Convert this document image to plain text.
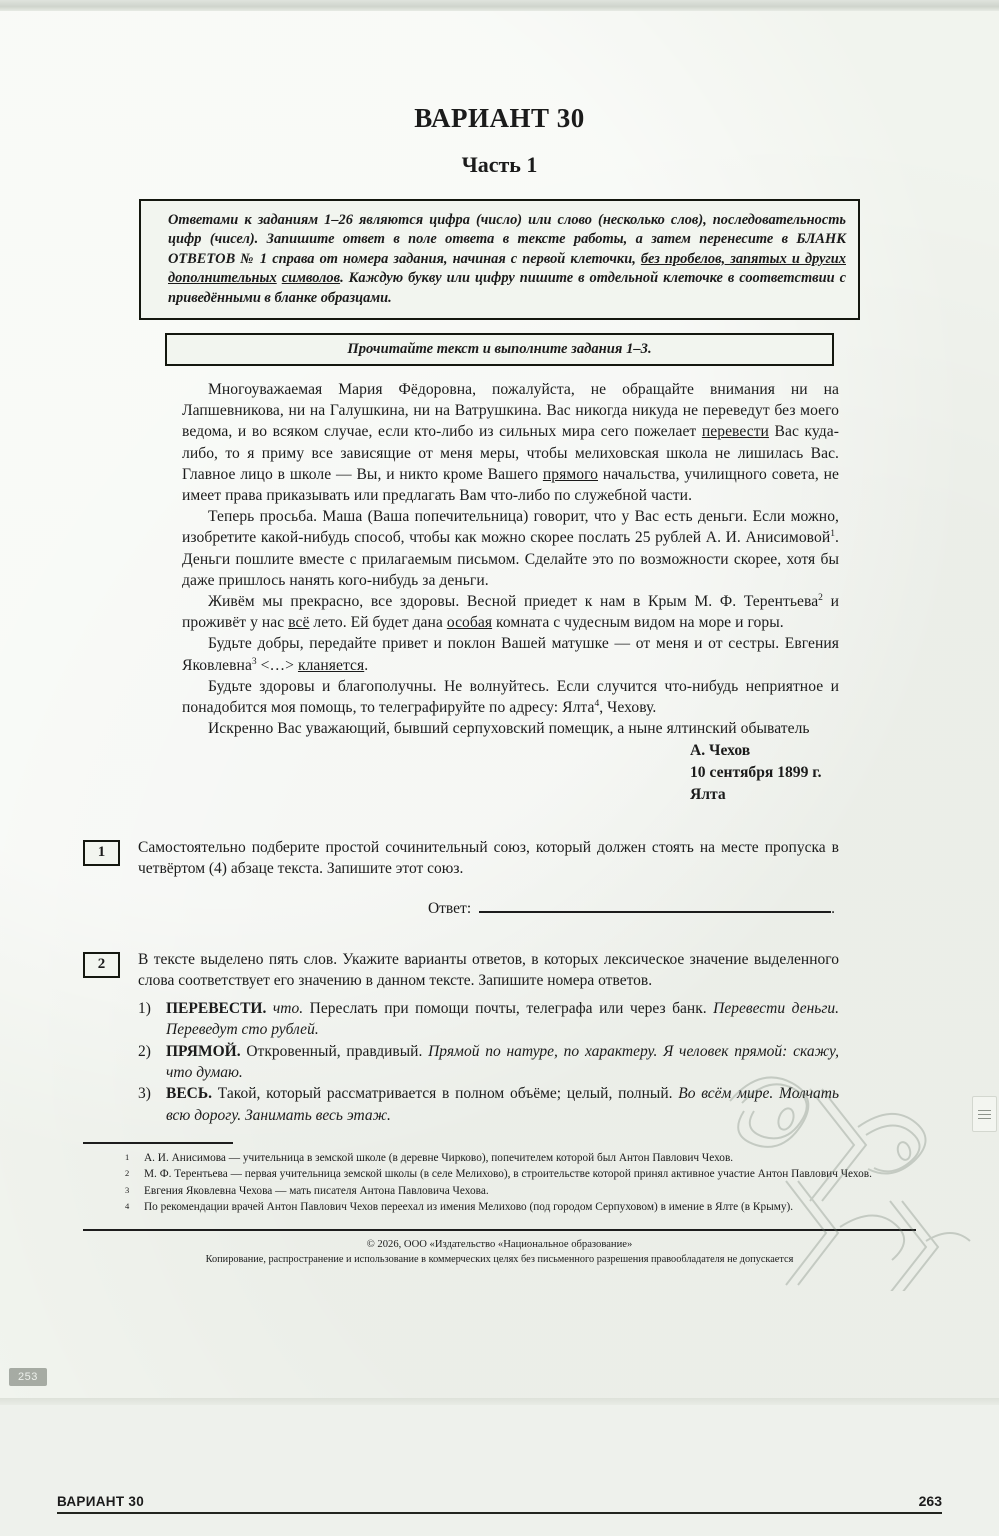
ВАРИАНТ 30
Часть 1

Ответами к заданиям 1–26 являются цифра (число) или слово (несколько слов), последовательность цифр (чисел). Запишите ответ в поле ответа в тексте работы, а затем перенесите в БЛАНК ОТВЕТОВ № 1 справа от номера задания, начиная с первой клеточки, без пробелов, запятых и других дополнительных символов. Каждую букву или цифру пишите в отдельной клеточке в соответствии с приведёнными в бланке образцами.

Прочитайте текст и выполните задания 1–3.

Многоуважаемая Мария Фёдоровна, пожалуйста, не обращайте внимания ни на Лапшевникова, ни на Галушкина, ни на Ватрушкина. Вас никогда никуда не переведут без моего ведома, и во всяком случае, если кто-либо из сильных мира сего пожелает перевести Вас куда-либо, то я приму все зависящие от меня меры, чтобы мелиховская школа не лишилась Вас. Главное лицо в школе — Вы, и никто кроме Вашего прямого начальства, училищного совета, не имеет права приказывать или предлагать Вам что-либо по служебной части.

Теперь просьба. Маша (Ваша попечительница) говорит, что у Вас есть деньги. Если можно, изобретите какой-нибудь способ, чтобы как можно скорее послать 25 рублей А. И. Анисимовой$^1$. Деньги пошлите вместе с прилагаемым письмом. Сделайте это по возможности скорее, хотя бы даже пришлось нанять кого-нибудь за деньги.

Живём мы прекрасно, все здоровы. Весной приедет к нам в Крым М. Ф. Терентьева$^2$ и проживёт у нас всё лето. Ей будет дана особая комната с чудесным видом на море и горы.

Будьте добры, передайте привет и поклон Вашей матушке — от меня и от сестры. Евгения Яковлевна$^3$ <…> кланяется.

Будьте здоровы и благополучны. Не волнуйтесь. Если случится что-нибудь неприятное и понадобится моя помощь, то телеграфируйте по адресу: Ялта$^4$, Чехову.

Искренно Вас уважающий, бывший серпуховский помещик, а ныне ялтинский обыватель

А. Чехов
10 сентября 1899 г. Ялта
1	Самостоятельно подберите простой сочинительный союз, который должен стоять на месте пропуска в четвёртом (4) абзаце текста. Запишите этот союз.

Ответ:	.
2	В тексте выделено пять слов. Укажите варианты ответов, в которых лексическое значение выделенного слова соответствует его значению в данном тексте. Запишите номера ответов.

1) ПЕРЕВЕСТИ. что. Переслать при помощи почты, телеграфа или через банк. Перевести деньги. Переведут сто рублей.
2) ПРЯМОЙ. Откровенный, правдивый. Прямой по натуре, по характеру. Я человек прямой: скажу, что думаю.
3) ВЕСЬ. Такой, который рассматривается в полном объёме; целый, полный. Во всём мире. Молчать всю дорогу. Занимать весь этаж.
1 А. И. Анисимова — учительница в земской школе (в деревне Чирково), попечителем которой был Антон Павлович Чехов.
2 М. Ф. Терентьева — первая учительница земской школы (в селе Мелихово), в строительстве которой принял активное участие Антон Павлович Чехов.
3 Евгения Яковлевна Чехова — мать писателя Антона Павловича Чехова.
4 По рекомендации врачей Антон Павлович Чехов переехал из имения Мелихово (под городом Серпуховом) в имение в Ялте (в Крыму).
© 2026, ООО «Издательство «Национальное образование»
Копирование, распространение и использование в коммерческих целях без письменного разрешения правообладателя не допускается
253
ВАРИАНТ 30	263
